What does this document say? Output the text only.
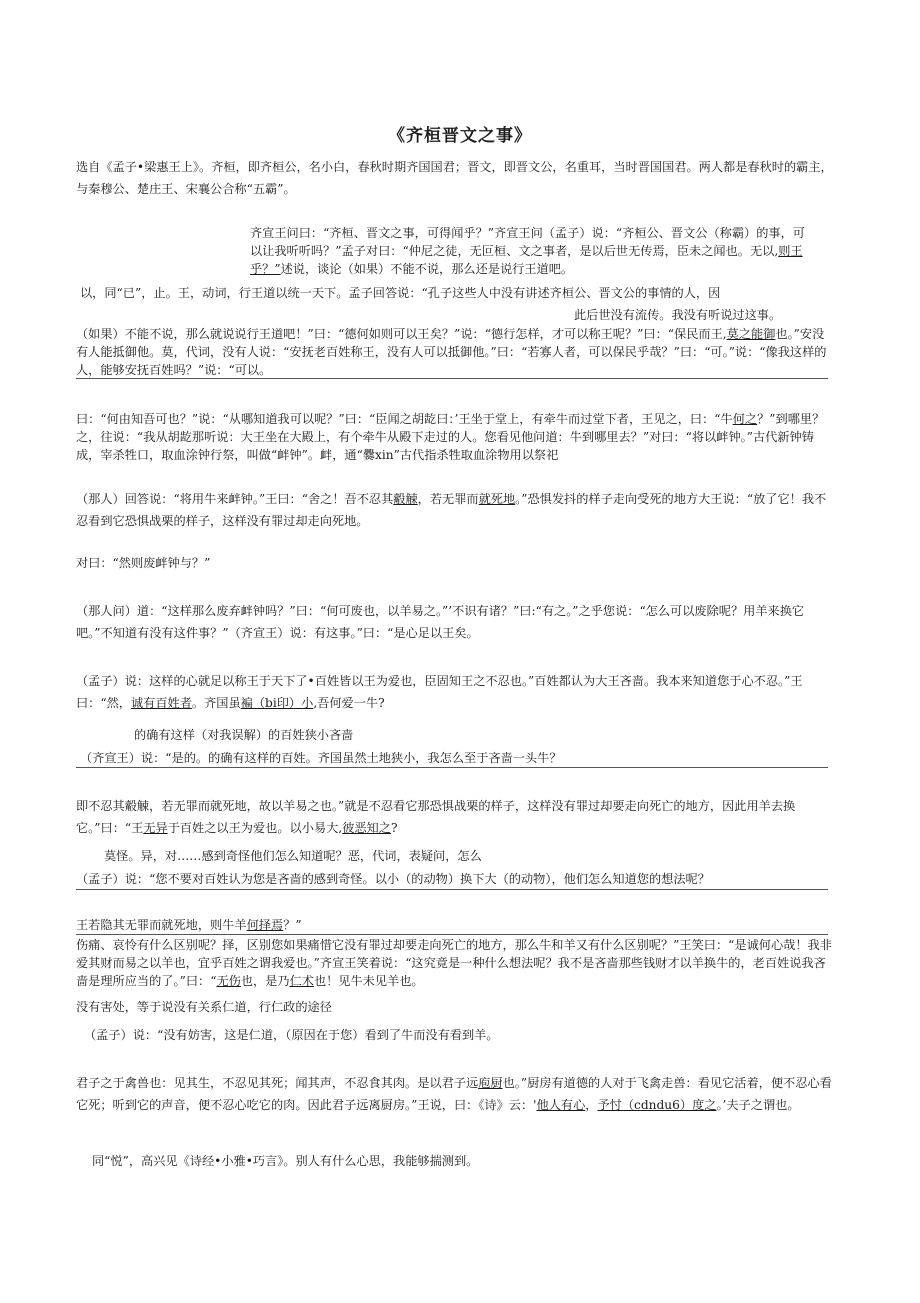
《齐桓晋文之事》

选自《孟子•梁惠王上》。齐桓，即齐桓公，名小白，春秋时期齐国国君；晋文，即晋文公，名重耳，当时晋国国君。两人都是春秋时的霸主，与秦穆公、楚庄王、宋襄公合称“五霸”。

齐宣王问曰：“齐桓、晋文之事，可得闻乎？”齐宣王问（孟子）说：“齐桓公、晋文公（称霸）的事，可以让我听听吗？”孟子对曰：“仲尼之徒，无叵桓、文之事者，是以后世无传焉，臣未之闻也。无以,则王乎？”述说，谈论（如果）不能不说，那么还是说行王道吧。

以，同“已”，止。王，动词，行王道以统一天下。孟子回答说：“孔子这些人中没有讲述齐桓公、晋文公的事情的人，因

此后世没有流传。我没有听说过这事。

（如果）不能不说，那么就说说行王道吧！”曰：“德何如则可以王矣？”说：“德行怎样，才可以称王呢？”曰：“保民而王,莫之能御也。”安没有人能抵御他。莫，代词，没有人说：“安抚老百姓称王，没有人可以抵御他。”曰：“若寡人者，可以保民乎哉？”曰：“可。”说：“像我这样的人，能够安抚百姓吗？”说：“可以。

曰：“何由知吾可也？”说：“从哪知道我可以呢？”曰：“臣闻之胡龁曰：’王坐于堂上，有牵牛而过堂下者，王见之，曰：“牛何之？”到哪里？之，往说：“我从胡龁那听说：大王坐在大殿上，有个牵牛从殿下走过的人。您看见他问道：牛到哪里去？”对曰：“将以衅钟。”古代新钟铸成，宰杀牲口，取血涂钟行祭，叫做“衅钟”。衅，通“爨xin”古代指杀牲取血涂物用以祭祀

（那人）回答说：“将用牛来衅钟。”王曰：“舍之！吾不忍其觳觫，若无罪而就死地。”恐惧发抖的样子走向受死的地方大王说：“放了它！我不忍看到它恐惧战栗的样子，这样没有罪过却走向死地。

对曰：“然则废衅钟与？”

（那人问）道：“这样那么废弃衅钟吗？”曰：“何可废也，以羊易之。”’不识有诸？”曰:“有之。”之乎您说：“怎么可以废除呢？用羊来换它吧。”不知道有没有这件事？”（齐宣王）说：有这事。”曰：“是心足以王矣。

（孟子）说：这样的心就足以称王于天下了•百姓皆以王为爱也，臣固知王之不忍也。”百姓都认为大王吝啬。我本来知道您于心不忍。”王曰：“然，诚有百姓者。齐国虽褊（bi印）小,吾何爱一牛?

的确有这样（对我误解）的百姓狭小吝啬

（齐宣王）说：“是的。的确有这样的百姓。齐国虽然土地狭小，我怎么至于吝啬一头牛？

即不忍其觳觫，若无罪而就死地，故以羊易之也。”就是不忍看它那恐惧战栗的样子，这样没有罪过却要走向死亡的地方，因此用羊去换它。”曰：“王无异于百姓之以王为爱也。以小易大,彼恶知之?

莫怪。异，对……感到奇怪他们怎么知道呢？恶，代词，表疑问，怎么

（孟子）说：“您不要对百姓认为您是吝啬的感到奇怪。以小（的动物）换下大（的动物），他们怎么知道您的想法呢？

王若隐其无罪而就死地，则牛羊何择焉？”

伤痛、哀怜有什么区别呢？择，区别您如果痛惜它没有罪过却要走向死亡的地方，那么牛和羊又有什么区别呢？”王笑曰：“是诚何心哉！我非爱其财而易之以羊也，宜乎百姓之谓我爱也。”齐宣王笑着说：“这究竟是一种什么想法呢？我不是吝啬那些钱财才以羊换牛的，老百姓说我吝啬是理所应当的了。”曰：“无伤也，是乃仁术也！见牛未见羊也。

没有害处，等于说没有关系仁道，行仁政的途径

（孟子）说：“没有妨害，这是仁道，（原因在于您）看到了牛而没有看到羊。

君子之于禽兽也：见其生，不忍见其死；闻其声，不忍食其肉。是以君子远庖厨也。”厨房有道德的人对于飞禽走兽：看见它活着，便不忍心看它死；听到它的声音，便不忍心吃它的肉。因此君子远离厨房。”王说，曰：《诗》云：'他人有心，予忖（cdndu6）度之。’夫子之谓也。

同“悦”，高兴见《诗经•小雅•巧言》。别人有什么心思，我能够揣测到。
